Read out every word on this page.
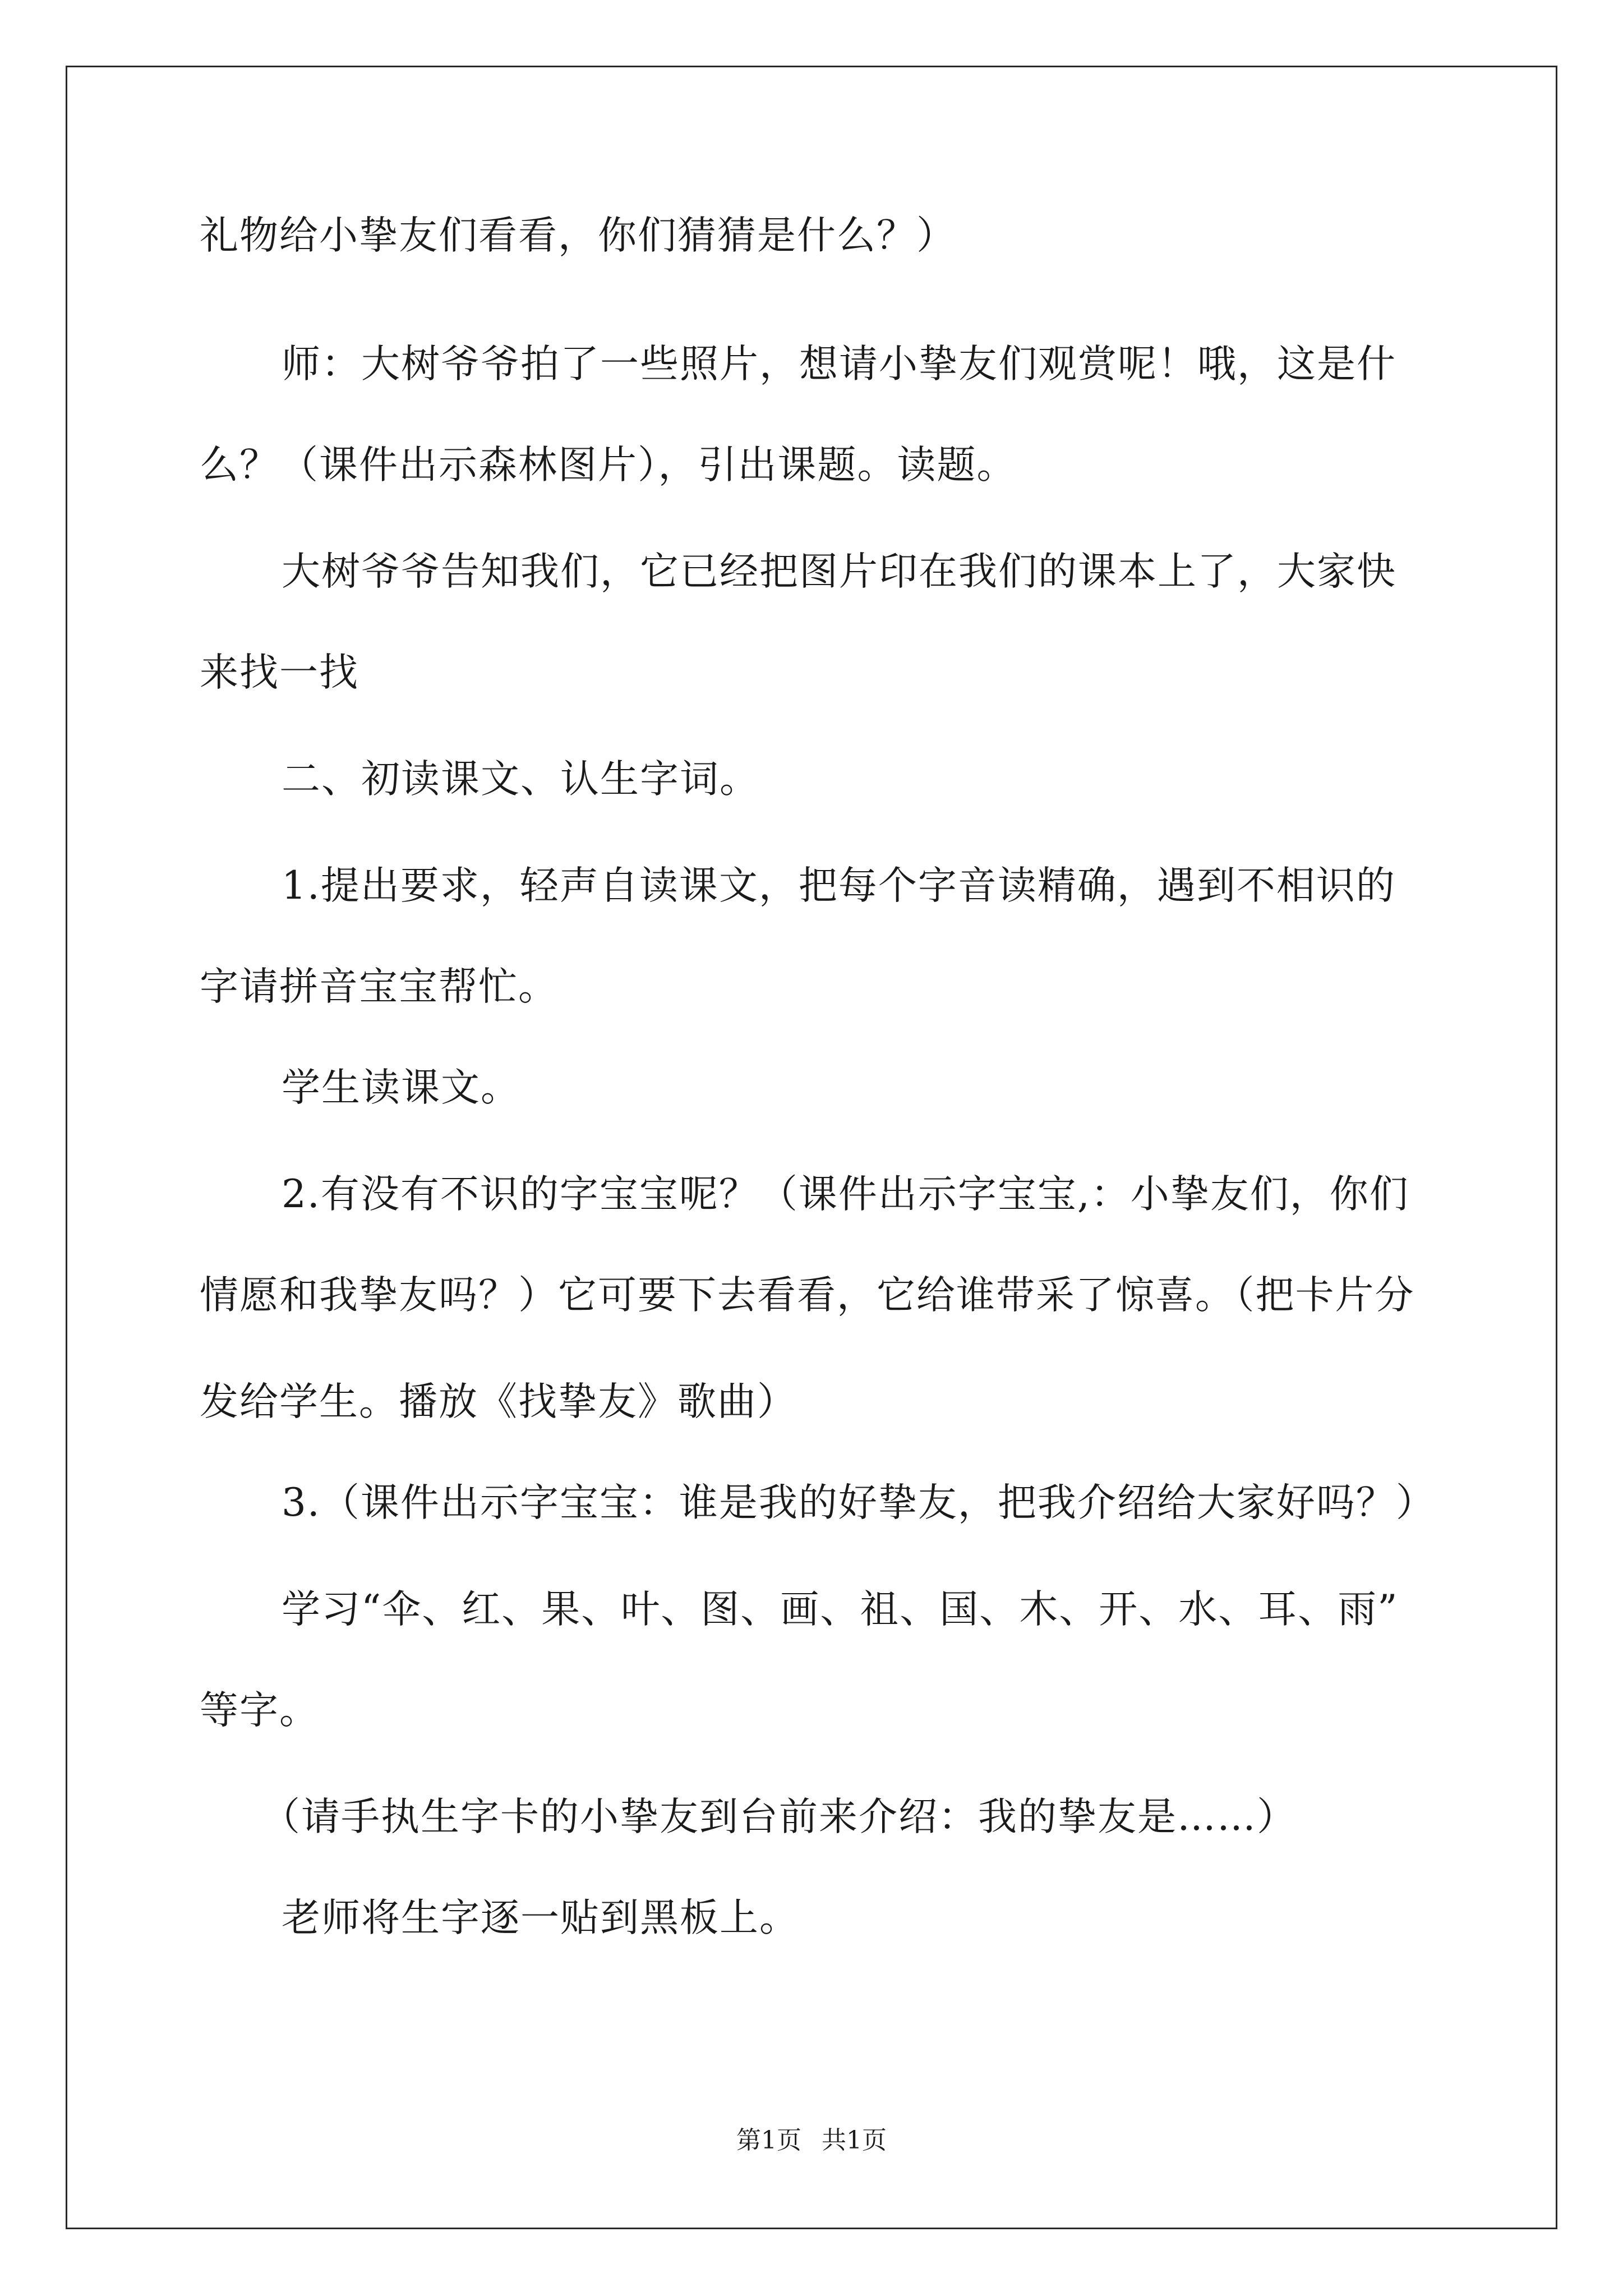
礼物给小挚友们看看，你们猜猜是什么？）
师：大树爷爷拍了一些照片，想请小挚友们观赏呢！哦，这是什
么？（课件出示森林图片），引出课题。读题。
大树爷爷告知我们，它已经把图片印在我们的课本上了，大家快
来找一找
二、初读课文、认生字词。
1.提出要求，轻声自读课文，把每个字音读精确，遇到不相识的
字请拼音宝宝帮忙。
学生读课文。
2.有没有不识的字宝宝呢？（课件出示字宝宝,：小挚友们，你们
情愿和我挚友吗？）它可要下去看看，它给谁带采了惊喜。（把卡片分
发给学生。播放《找挚友》歌曲）
3.（课件出示字宝宝：谁是我的好挚友，把我介绍给大家好吗？）
学习“伞、红、果、叶、图、画、祖、国、木、开、水、耳、雨”
等字。
（请手执生字卡的小挚友到台前来介绍：我的挚友是……）
老师将生字逐一贴到黑板上。
第1页 共1页
